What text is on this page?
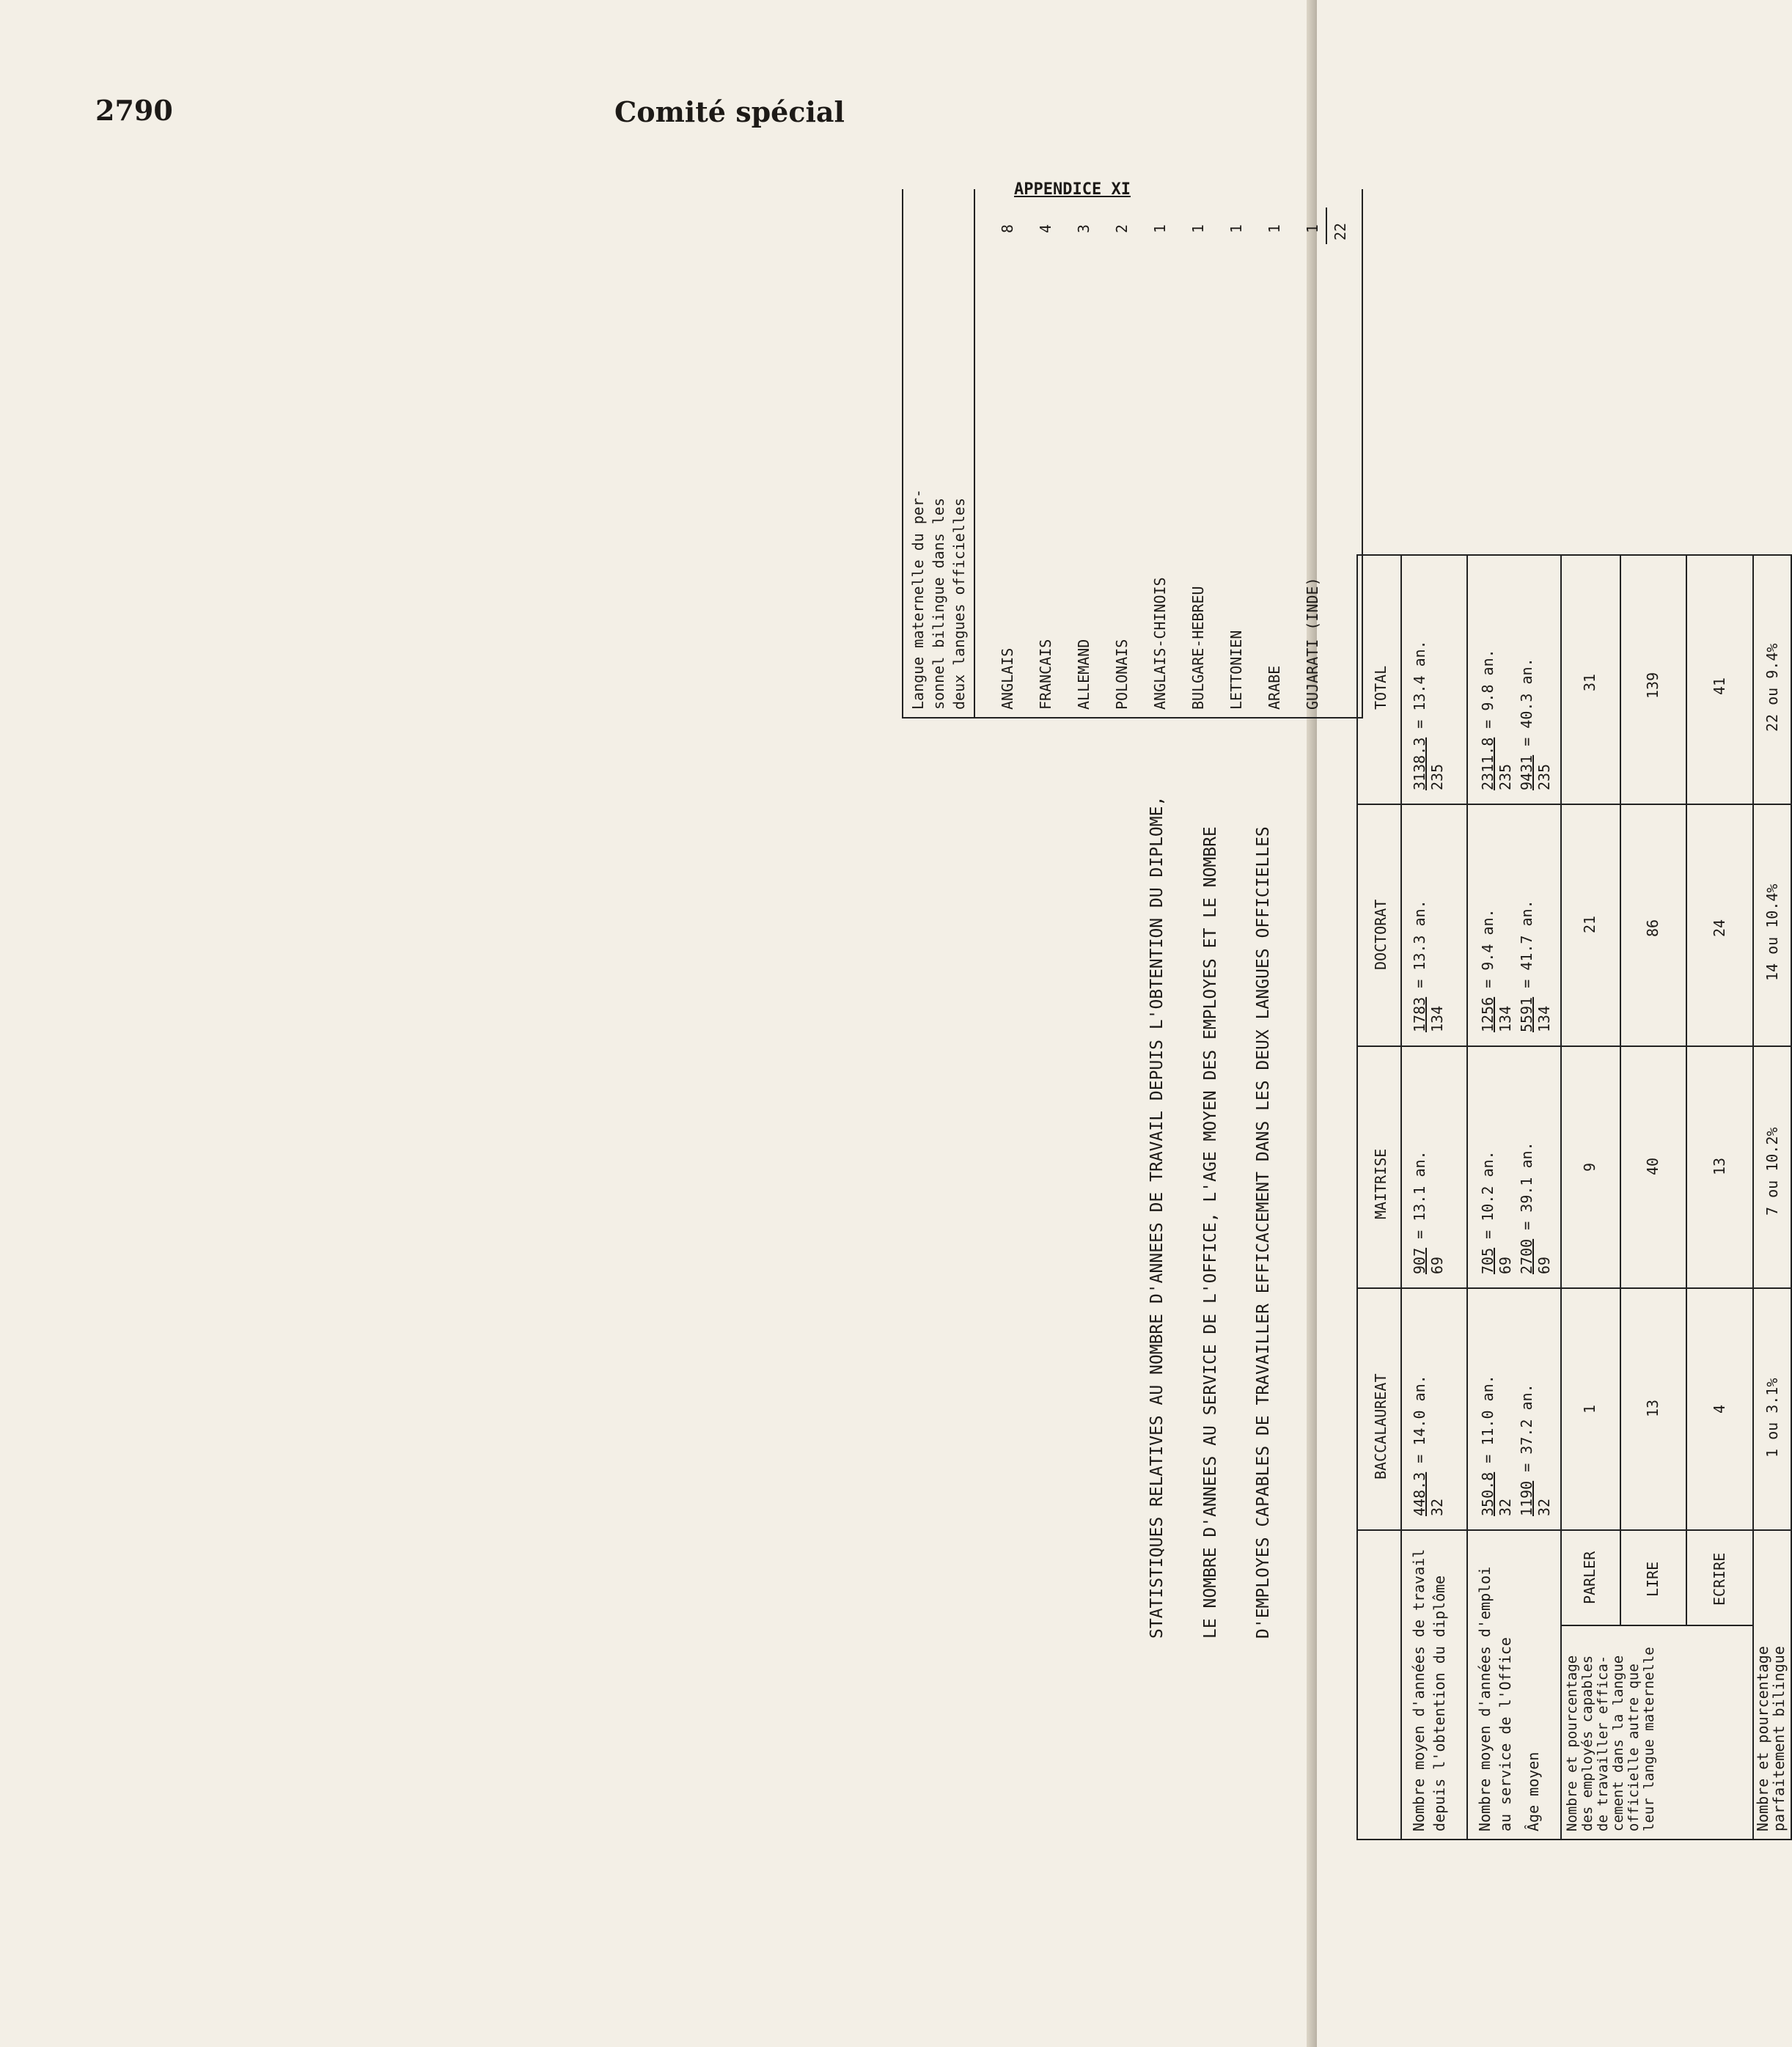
2790	Comité spécial
APPENDICE XI
STATISTIQUES RELATIVES AU NOMBRE D'ANNEES DE TRAVAIL DEPUIS L'OBTENTION DU DIPLOME, LE NOMBRE D'ANNEES AU SERVICE DE L'OFFICE, L'AGE MOYEN DES EMPLOYES ET LE NOMBRE D'EMPLOYES CAPABLES DE TRAVAILLER EFFICACEMENT DANS LES DEUX LANGUES OFFICIELLES	BACCALAUREAT
MAITRISE
DOCTORAT
TOTAL
Nombre moyen d'années de travail depuis l'obtention du diplôme
448.3 = 14.0 an.
32
907 = 13.1 an.
69
1783 = 13.3 an.
134
3138.3 = 13.4 an.
235
Nombre moyen d'années d'emploi au service de l'Office
350.8 = 11.0 an.
32
705 = 10.2 an.
69
1256 = 9.4 an.
134
2311.8 = 9.8 an.
235
Âge moyen
1190 = 37.2 an.
32
2700 = 39.1 an.
69
5591 = 41.7 an.
134
9431 = 40.3 an.
235
Nombre et pourcentage des employés capables de travailler effica- cement dans la langue officielle autre que leur langue maternelle
PARLER
1
9
21
31
LIRE
13
40
86
139
ECRIRE
4
13
24
41
Nombre et pourcentage
parfaitement bilingue
1 ou 3.1%
7 ou 10.2%
14 ou 10.4%
22 ou 9.4%
Langue maternelle du per- sonnel bilingue dans les deux langues officielles ANGLAIS
8
FRANCAIS
4
ALLEMAND
3
POLONAIS
2
ANGLAIS-CHINOIS
1
BULGARE-HEBREU
1
LETTONIEN
1
ARABE
1
GUJARATI (INDE)
1 22
